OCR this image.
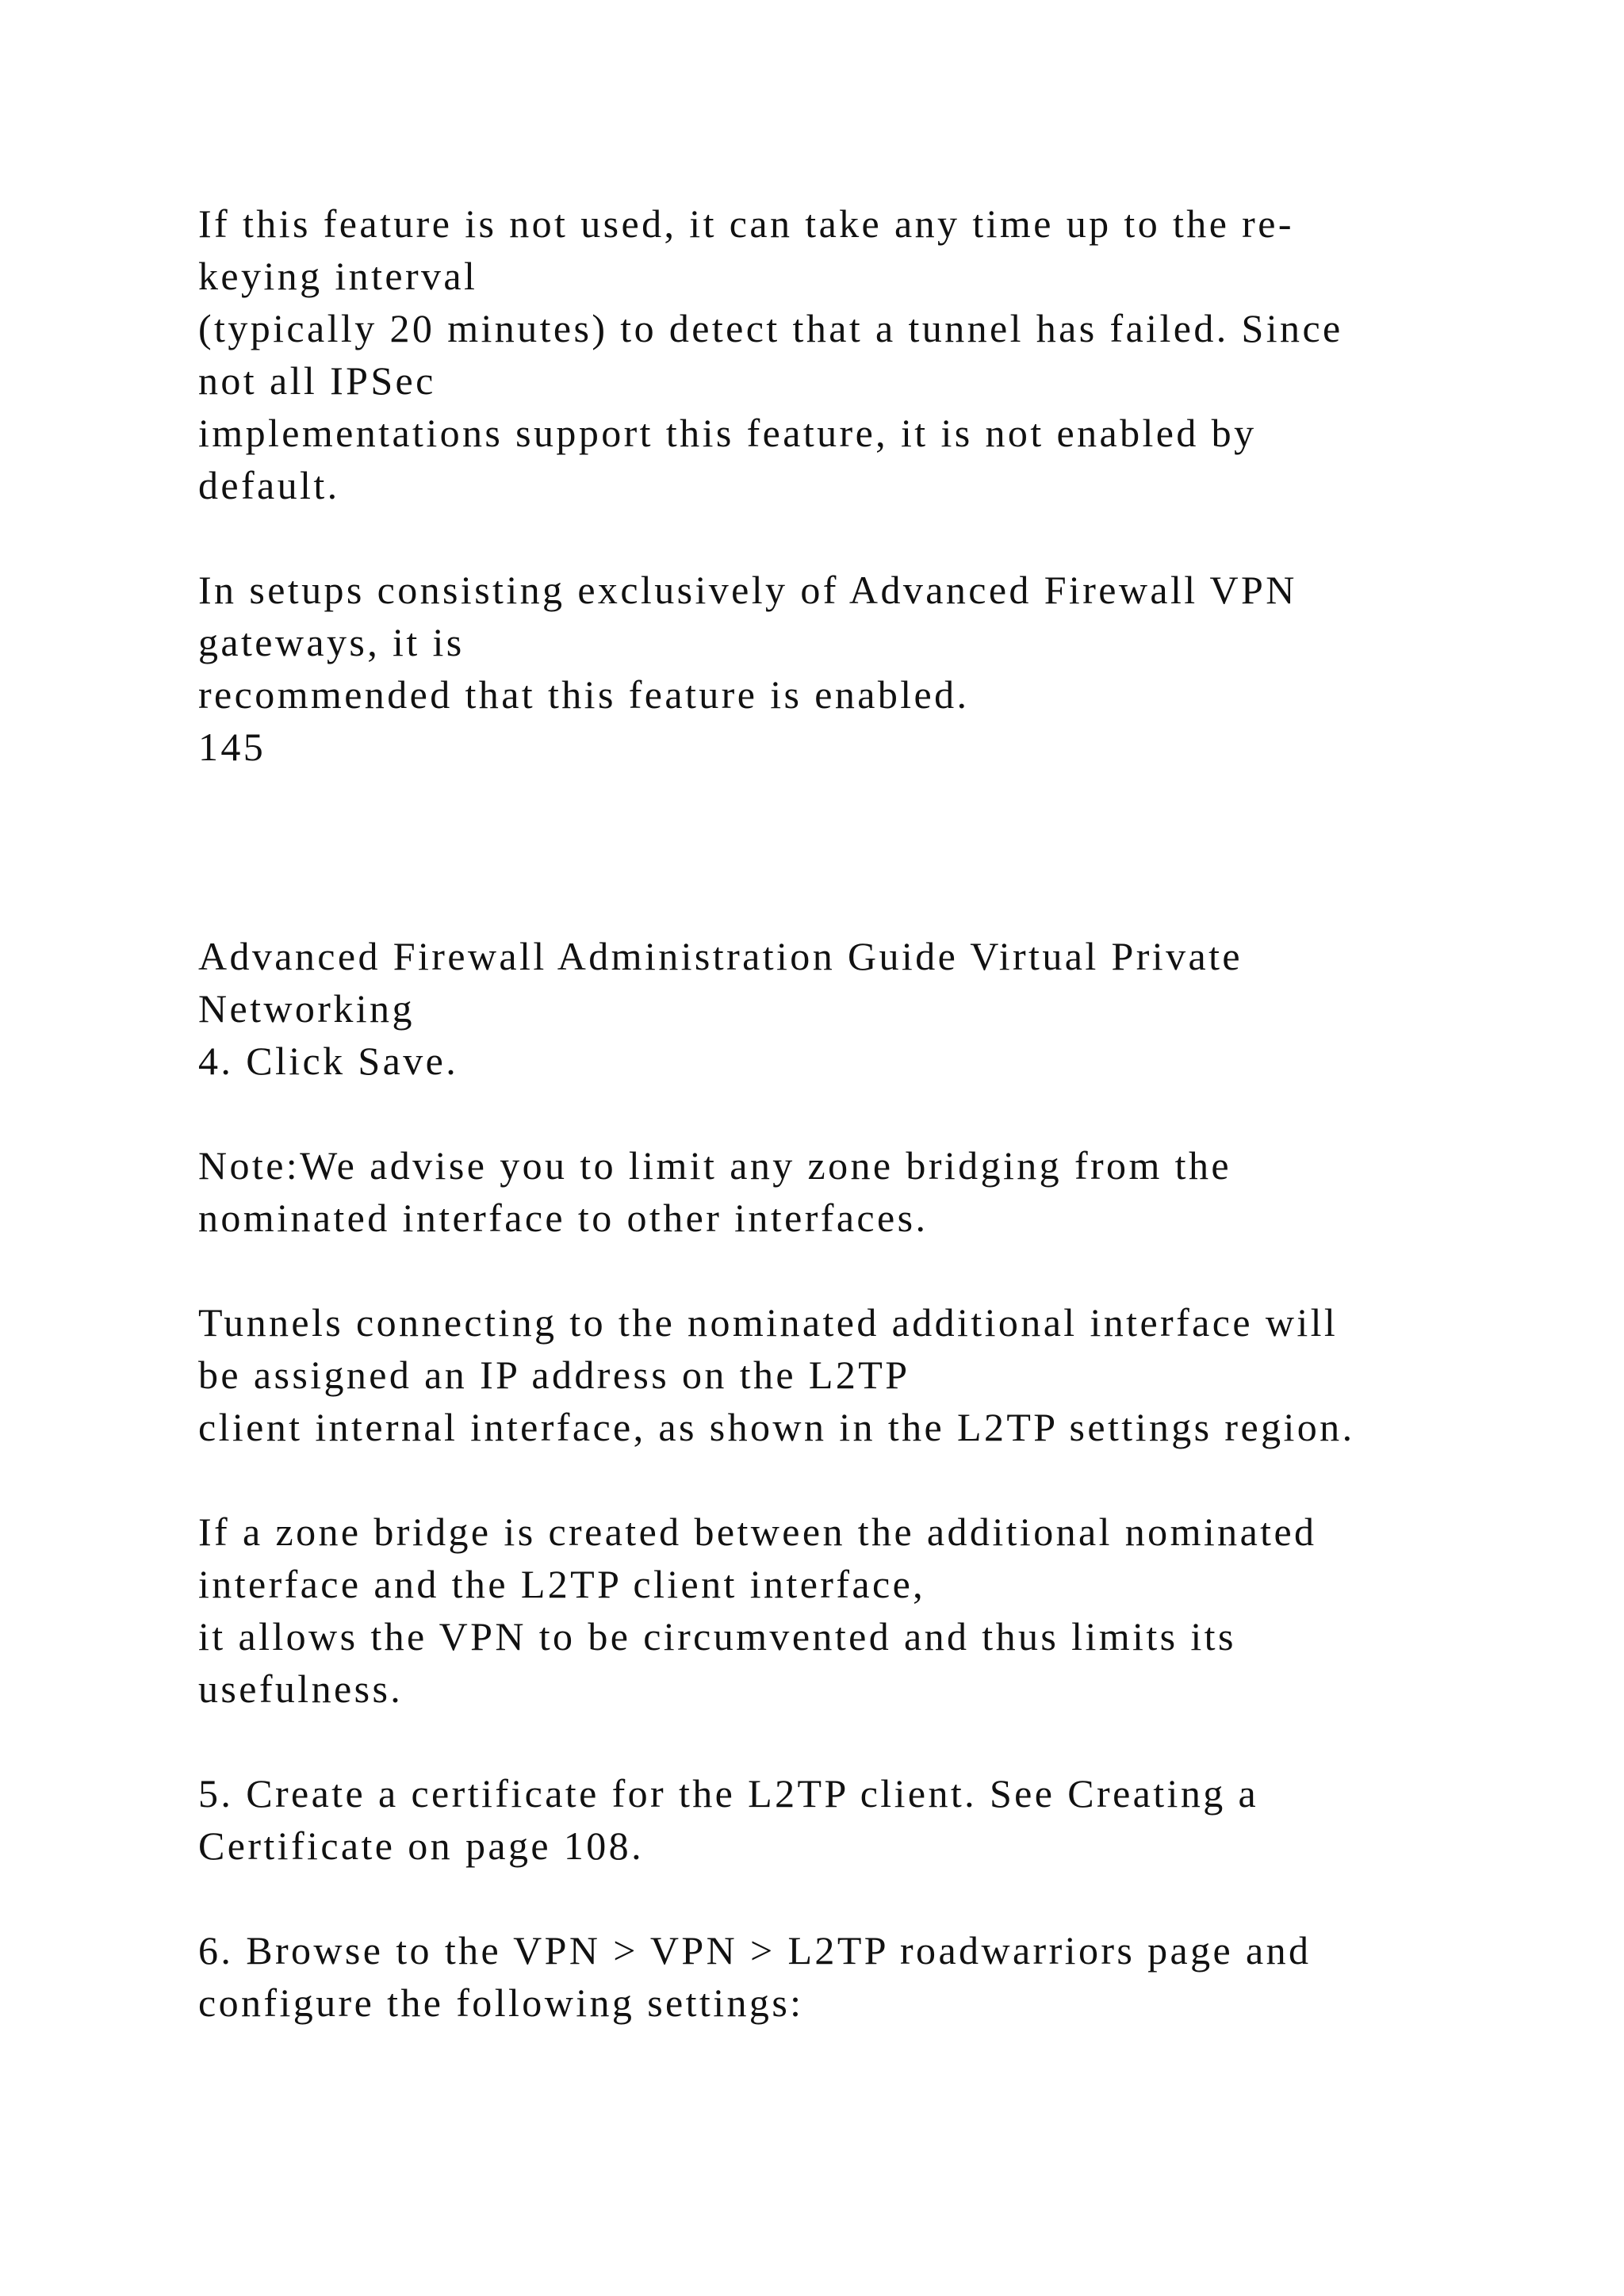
If this feature is not used, it can take any time up to the re-
keying interval
(typically 20 minutes) to detect that a tunnel has failed. Since
not all IPSec
implementations support this feature, it is not enabled by
default.
In setups consisting exclusively of Advanced Firewall VPN
gateways, it is
recommended that this feature is enabled.
145
Advanced Firewall Administration Guide Virtual Private
Networking
4. Click Save.
Note:We advise you to limit any zone bridging from the
nominated interface to other interfaces.
Tunnels connecting to the nominated additional interface will
be assigned an IP address on the L2TP
client internal interface, as shown in the L2TP settings region.
If a zone bridge is created between the additional nominated
interface and the L2TP client interface,
it allows the VPN to be circumvented and thus limits its
usefulness.
5. Create a certificate for the L2TP client. See Creating a
Certificate on page 108.
6. Browse to the VPN > VPN > L2TP roadwarriors page and
configure the following settings:
